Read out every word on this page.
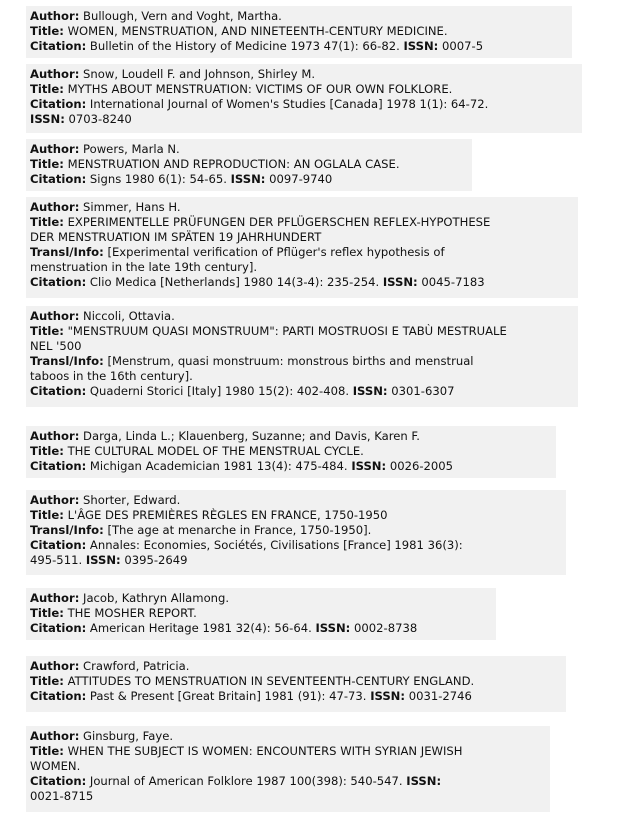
Author: Bullough, Vern and Voght, Martha.
Title: WOMEN, MENSTRUATION, AND NINETEENTH-CENTURY MEDICINE.
Citation: Bulletin of the History of Medicine 1973 47(1): 66-82. ISSN: 0007-5
Author: Snow, Loudell F. and Johnson, Shirley M.
Title: MYTHS ABOUT MENSTRUATION: VICTIMS OF OUR OWN FOLKLORE.
Citation: International Journal of Women's Studies [Canada] 1978 1(1): 64-72.
ISSN: 0703-8240
Author: Powers, Marla N.
Title: MENSTRUATION AND REPRODUCTION: AN OGLALA CASE.
Citation: Signs 1980 6(1): 54-65. ISSN: 0097-9740
Author: Simmer, Hans H.
Title: EXPERIMENTELLE PRÜFUNGEN DER PFLÜGERSCHEN REFLEX-HYPOTHESE
DER MENSTRUATION IM SPÄTEN 19 JAHRHUNDERT
Transl/Info: [Experimental verification of Pflüger's reflex hypothesis of
menstruation in the late 19th century].
Citation: Clio Medica [Netherlands] 1980 14(3-4): 235-254. ISSN: 0045-7183
Author: Niccoli, Ottavia.
Title: "MENSTRUUM QUASI MONSTRUUM": PARTI MOSTRUOSI E TABÙ MESTRUALE
NEL '500
Transl/Info: [Menstrum, quasi monstruum: monstrous births and menstrual
taboos in the 16th century].
Citation: Quaderni Storici [Italy] 1980 15(2): 402-408. ISSN: 0301-6307
Author: Darga, Linda L.; Klauenberg, Suzanne; and Davis, Karen F.
Title: THE CULTURAL MODEL OF THE MENSTRUAL CYCLE.
Citation: Michigan Academician 1981 13(4): 475-484. ISSN: 0026-2005
Author: Shorter, Edward.
Title: L'ÂGE DES PREMIÈRES RÈGLES EN FRANCE, 1750-1950
Transl/Info: [The age at menarche in France, 1750-1950].
Citation: Annales: Economies, Sociétés, Civilisations [France] 1981 36(3):
495-511. ISSN: 0395-2649
Author: Jacob, Kathryn Allamong.
Title: THE MOSHER REPORT.
Citation: American Heritage 1981 32(4): 56-64. ISSN: 0002-8738
Author: Crawford, Patricia.
Title: ATTITUDES TO MENSTRUATION IN SEVENTEENTH-CENTURY ENGLAND.
Citation: Past & Present [Great Britain] 1981 (91): 47-73. ISSN: 0031-2746
Author: Ginsburg, Faye.
Title: WHEN THE SUBJECT IS WOMEN: ENCOUNTERS WITH SYRIAN JEWISH
WOMEN.
Citation: Journal of American Folklore 1987 100(398): 540-547. ISSN:
0021-8715
